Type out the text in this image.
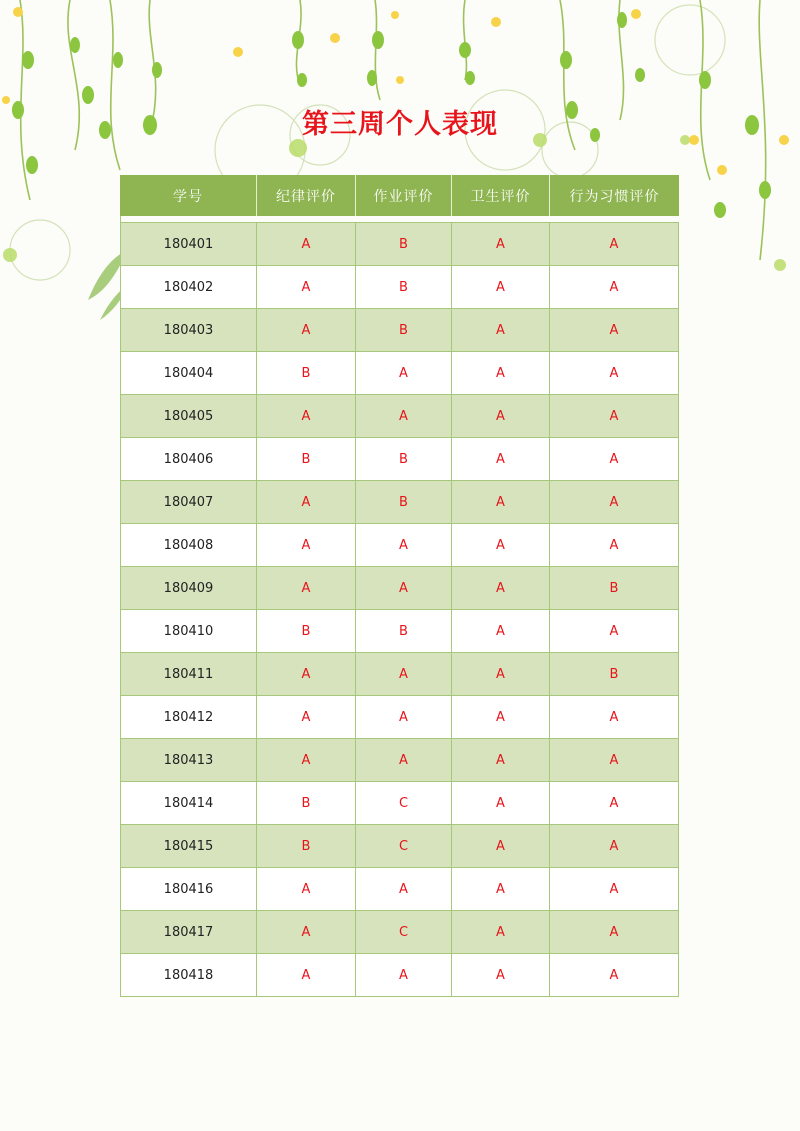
第三周个人表现
学号	纪律评价	作业评价	卫生评价	行为习惯评价

180401	A	B	A	A
180402	A	B	A	A
180403	A	B	A	A
180404	B	A	A	A
180405	A	A	A	A
180406	B	B	A	A
180407	A	B	A	A
180408	A	A	A	A
180409	A	A	A	B
180410	B	B	A	A
180411	A	A	A	B
180412	A	A	A	A
180413	A	A	A	A
180414	B	C	A	A
180415	B	C	A	A
180416	A	A	A	A
180417	A	C	A	A
180418	A	A	A	A
